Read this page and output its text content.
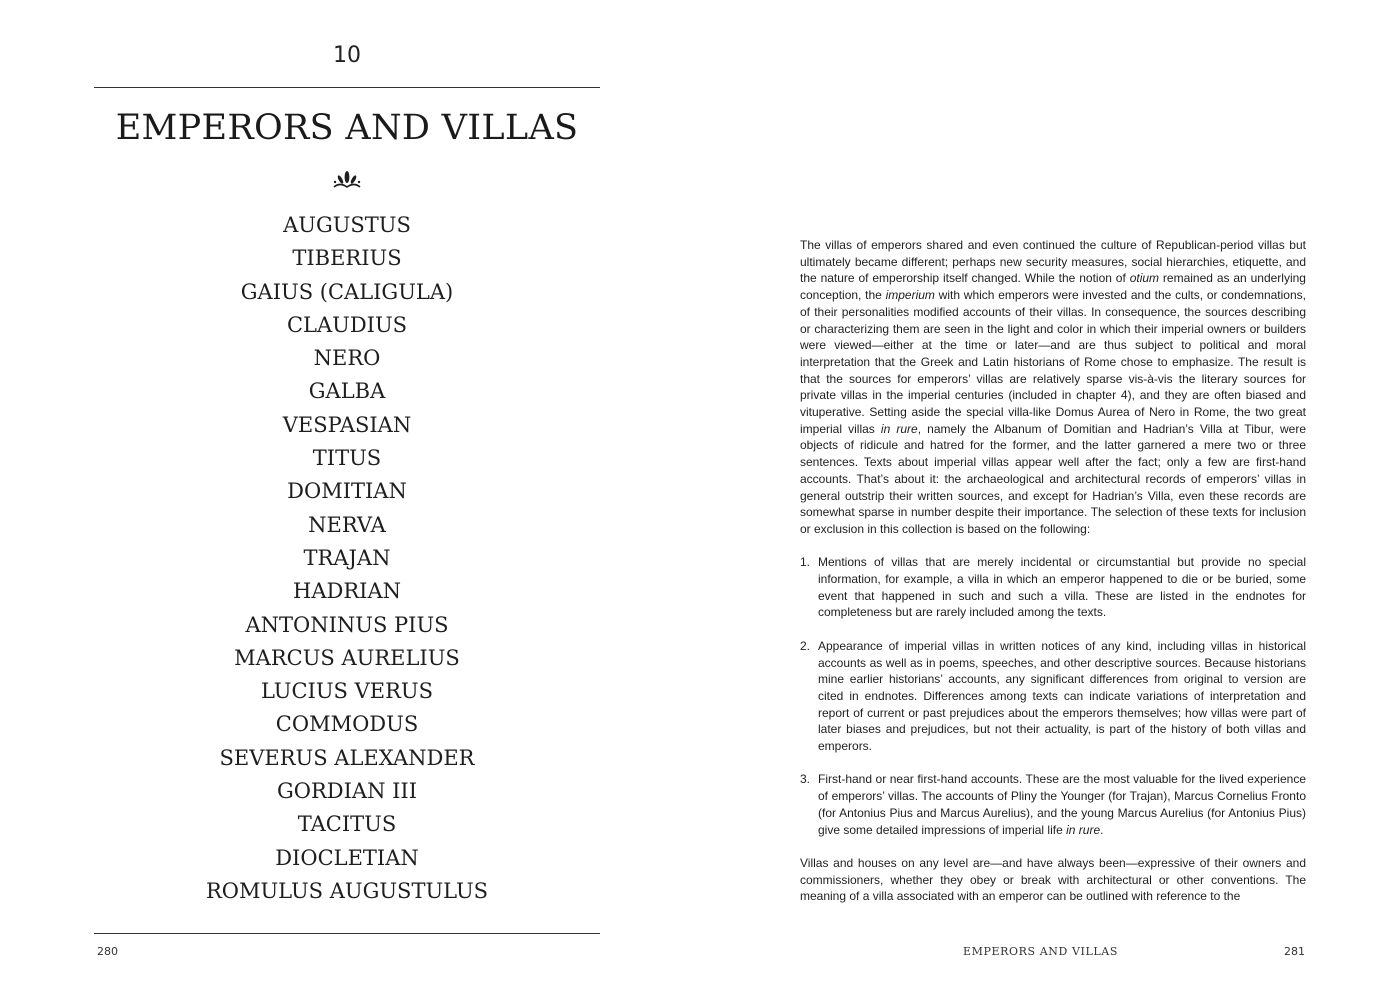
10
EMPERORS AND VILLAS
AUGUSTUS
TIBERIUS
GAIUS (CALIGULA)
CLAUDIUS
NERO
GALBA
VESPASIAN
TITUS
DOMITIAN
NERVA
TRAJAN
HADRIAN
ANTONINUS PIUS
MARCUS AURELIUS
LUCIUS VERUS
COMMODUS
SEVERUS ALEXANDER
GORDIAN III
TACITUS
DIOCLETIAN
ROMULUS AUGUSTULUS
280

The villas of emperors shared and even continued the culture of Republican-period villas but ultimately became different; perhaps new security measures, social hierarchies, etiquette, and the nature of emperorship itself changed. While the notion of otium remained as an underlying conception, the imperium with which emperors were invested and the cults, or condemnations, of their personalities modified accounts of their villas. In consequence, the sources describing or characterizing them are seen in the light and color in which their imperial owners or builders were viewed—either at the time or later—and are thus subject to political and moral interpretation that the Greek and Latin historians of Rome chose to emphasize. The result is that the sources for emperors’ villas are relatively sparse vis-à-vis the literary sources for private villas in the imperial centuries (included in chapter 4), and they are often biased and vituperative. Setting aside the special villa-like Domus Aurea of Nero in Rome, the two great imperial villas in rure, namely the Albanum of Domitian and Hadrian’s Villa at Tibur, were objects of ridicule and hatred for the former, and the latter garnered a mere two or three sentences. Texts about imperial villas appear well after the fact; only a few are first-hand accounts. That’s about it: the archaeological and architectural records of emperors’ villas in general outstrip their written sources, and except for Hadrian’s Villa, even these records are somewhat sparse in number despite their importance. The selection of these texts for inclusion or exclusion in this collection is based on the following:

1. Mentions of villas that are merely incidental or circumstantial but provide no special information, for example, a villa in which an emperor happened to die or be buried, some event that happened in such and such a villa. These are listed in the endnotes for completeness but are rarely included among the texts.
2. Appearance of imperial villas in written notices of any kind, including villas in historical accounts as well as in poems, speeches, and other descriptive sources. Because historians mine earlier historians’ accounts, any significant differences from original to version are cited in endnotes. Differences among texts can indicate variations of interpretation and report of current or past prejudices about the emperors themselves; how villas were part of later biases and prejudices, but not their actuality, is part of the history of both villas and emperors.
3. First-hand or near first-hand accounts. These are the most valuable for the lived experience of emperors’ villas. The accounts of Pliny the Younger (for Trajan), Marcus Cornelius Fronto (for Antonius Pius and Marcus Aurelius), and the young Marcus Aurelius (for Antonius Pius) give some detailed impressions of imperial life in rure.

Villas and houses on any level are—and have always been—expressive of their owners and commissioners, whether they obey or break with architectural or other conventions. The meaning of a villa associated with an emperor can be outlined with reference to the

EMPERORS AND VILLAS	281
